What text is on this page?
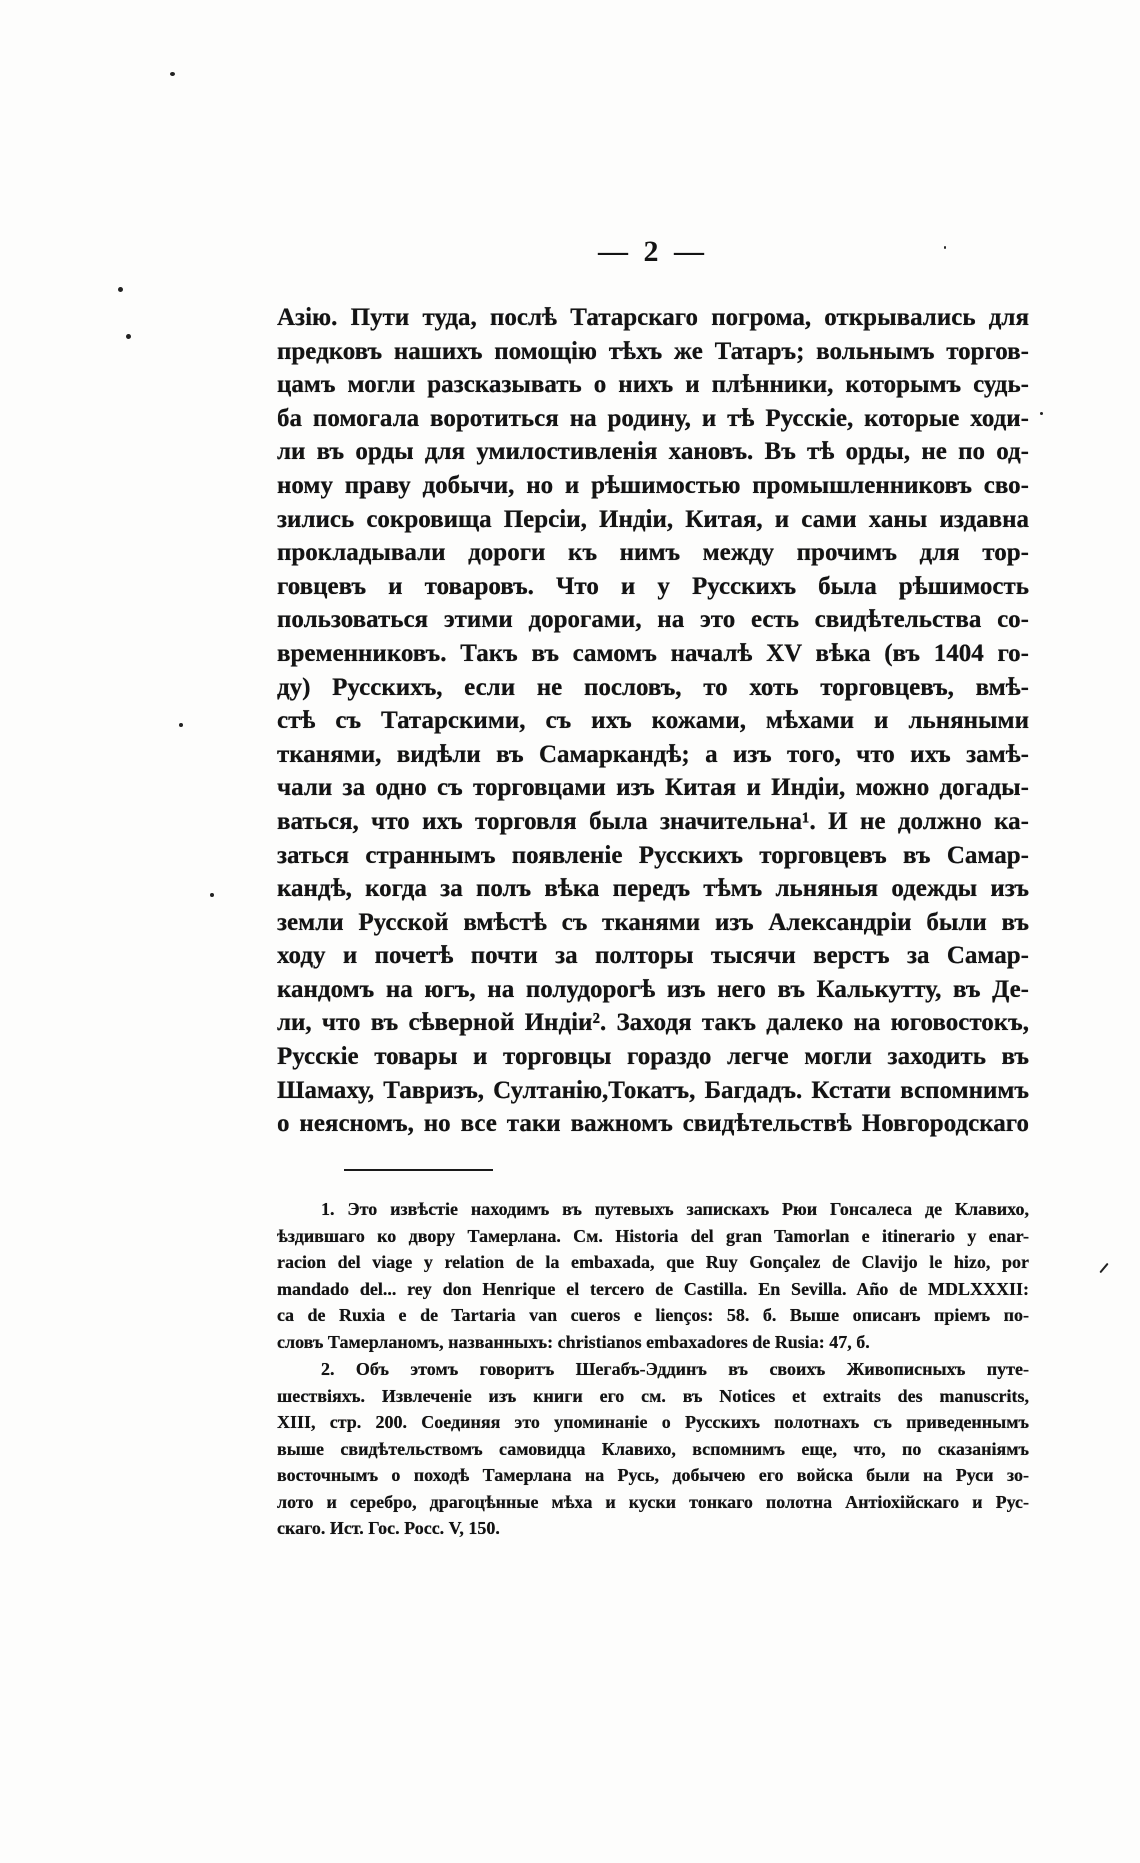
— 2 —
Азію. Пути туда, послѣ Татарскаго погрома, открывались для
предковъ нашихъ помощію тѣхъ же Татаръ; вольнымъ торгов-
цамъ могли разсказывать о нихъ и плѣнники, которымъ судь-
ба помогала воротиться на родину, и тѣ Русскіе, которые ходи-
ли въ орды для умилостивленія хановъ. Въ тѣ орды, не по од-
ному праву добычи, но и рѣшимостью промышленниковъ сво-
зились сокровища Персіи, Индіи, Китая, и сами ханы издавна
прокладывали дороги къ нимъ между прочимъ для тор-
говцевъ и товаровъ. Что и у Русскихъ была рѣшимость
пользоваться этими дорогами, на это есть свидѣтельства со-
временниковъ. Такъ въ самомъ началѣ XV вѣка (въ 1404 го-
ду) Русскихъ, если не пословъ, то хоть торговцевъ, вмѣ-
стѣ съ Татарскими, съ ихъ кожами, мѣхами и льняными
тканями, видѣли въ Самаркандѣ; а изъ того, что ихъ замѣ-
чали за одно съ торговцами изъ Китая и Индіи, можно догады-
ваться, что ихъ торговля была значительна¹. И не должно ка-
заться страннымъ появленіе Русскихъ торговцевъ въ Самар-
кандѣ, когда за полъ вѣка передъ тѣмъ льняныя одежды изъ
земли Русской вмѣстѣ съ тканями изъ Александріи были въ
ходу и почетѣ почти за полторы тысячи верстъ за Самар-
кандомъ на югъ, на полудорогѣ изъ него въ Калькутту, въ Де-
ли, что въ сѣверной Индіи². Заходя такъ далеко на юговостокъ,
Русскіе товары и торговцы гораздо легче могли заходить въ
Шамаху, Тавризъ, Султанію,Токатъ, Багдадъ. Кстати вспомнимъ
о неясномъ, но все таки важномъ свидѣтельствѣ Новгородскаго
1. Это извѣстіе находимъ въ путевыхъ запискахъ Рюи Гонсалеса де Клавихо,
ѣздившаго ко двору Тамерлана. См. Historia del gran Tamorlan e itinerario y enar-
racion del viage y relation de la embaxada, que Ruy Gonçalez de Clavijo le hizo, por
mandado del... rey don Henrique el tercero de Castilla. En Sevilla. Año de MDLXXXII:
ca de Ruxia e de Tartaria van cueros e lienços: 58. б. Выше описанъ пріемъ по-
словъ Тамерланомъ, названныхъ: christianos embaxadores de Rusia: 47, б.
2. Объ этомъ говоритъ Шегабъ-Эддинъ въ своихъ Живописныхъ путе-
шествіяхъ. Извлеченіе изъ книги его см. въ Notices et extraits des manuscrits,
XIII, стр. 200. Соединяя это упоминаніе о Русскихъ полотнахъ съ приведеннымъ
выше свидѣтельствомъ самовидца Клавихо, вспомнимъ еще, что, по сказаніямъ
восточнымъ о походѣ Тамерлана на Русь, добычею его войска были на Руси зо-
лото и серебро, драгоцѣнные мѣха и куски тонкаго полотна Антіохійскаго и Рус-
скаго. Ист. Гос. Росс. V, 150.
